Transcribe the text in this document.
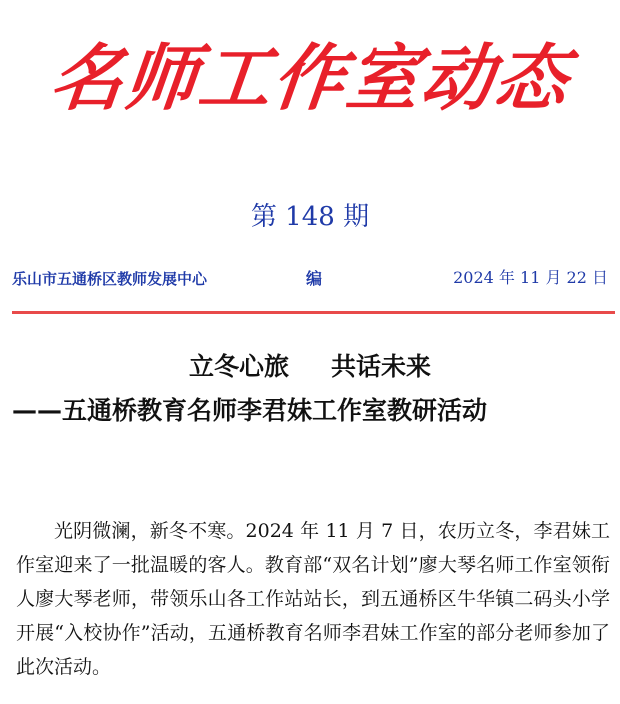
名师工作室动态
第 148 期
乐山市五通桥区教师发展中心	编	2024 年 11 月 22 日
立冬心旅 共话未来
——五通桥教育名师李君妹工作室教研活动

光阴微澜，新冬不寒。2024 年 11 月 7 日，农历立冬，李君妹工作室迎来了一批温暖的客人。教育部“双名计划”廖大琴名师工作室领衔人廖大琴老师，带领乐山各工作站站长，到五通桥区牛华镇二码头小学开展“入校协作”活动，五通桥教育名师李君妹工作室的部分老师参加了此次活动。
